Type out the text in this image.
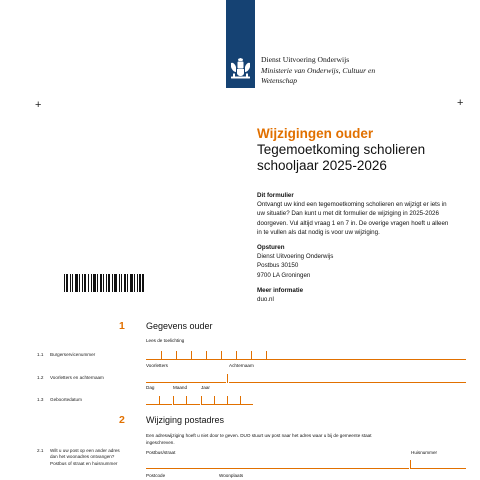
Dienst Uitvoering Onderwijs
Ministerie van Onderwijs, Cultuur en
Wetenschap
+	+
Wijzigingen ouder
Tegemoetkoming scholieren
schooljaar 2025-2026
Dit formulier
Ontvangt uw kind een tegemoetkoming scholieren en wijzigt er iets in
uw situatie? Dan kunt u met dit formulier de wijziging in 2025-2026
doorgeven. Vul altijd vraag 1 en 7 in. De overige vragen hoeft u alleen
in te vullen als dat nodig is voor uw wijziging.
Opsturen
Dienst Uitvoering Onderwijs
Postbus 30150
9700 LA Groningen
Meer informatie
duo.nl
1 Gegevens ouder
Lees de toelichting
1.1 Burgerservicenummer
Voorletters	Achternaam
1.2 Voorletters en achternaam
Dag	Maand	Jaar
1.3 Geboortedatum
2 Wijziging postadres
Een adreswijziging hoeft u niet door te geven. DUO stuurt uw post naar het adres waar u bij de gemeente staat
ingeschreven.
Postbus/straat	Huisnummer
2.1 Wilt u uw post op een ander adres
dan het woonadres ontvangen?
Postbus of straat en huisnummer
Postcode	Woonplaats
